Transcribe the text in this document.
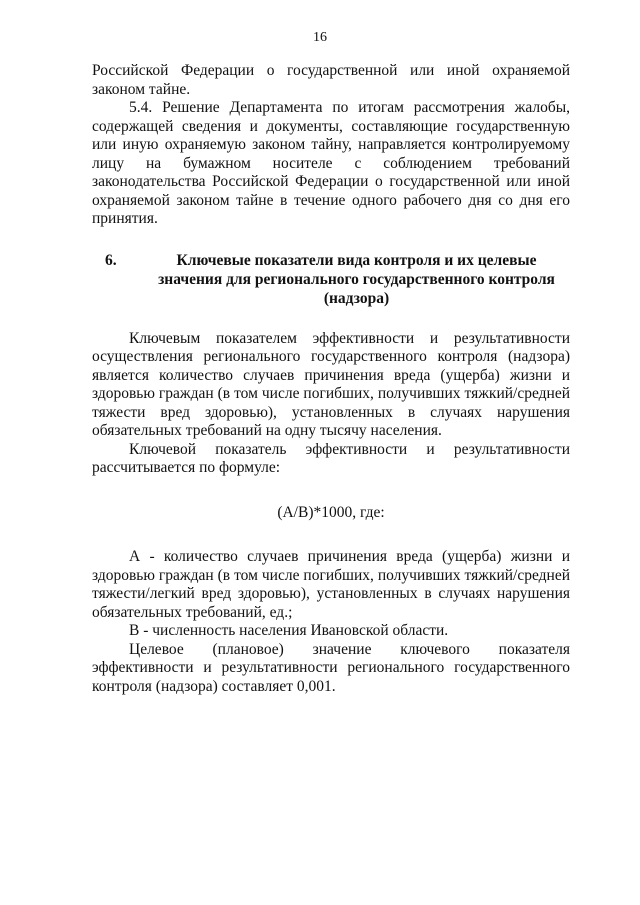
16

Российской Федерации о государственной или иной охраняемой законом тайне.

5.4. Решение Департамента по итогам рассмотрения жалобы, содержащей сведения и документы, составляющие государственную или иную охраняемую законом тайну, направляется контролируемому лицу на бумажном носителе с соблюдением требований законодательства Российской Федерации о государственной или иной охраняемой законом тайне в течение одного рабочего дня со дня его принятия.

6.	Ключевые показатели вида контроля и их целевые значения для регионального государственного контроля (надзора)

Ключевым показателем эффективности и результативности осуществления регионального государственного контроля (надзора) является количество случаев причинения вреда (ущерба) жизни и здоровью граждан (в том числе погибших, получивших тяжкий/средней тяжести вред здоровью), установленных в случаях нарушения обязательных требований на одну тысячу населения.

Ключевой показатель эффективности и результативности рассчитывается по формуле:

(А/В)*1000, где:

А - количество случаев причинения вреда (ущерба) жизни и здоровью граждан (в том числе погибших, получивших тяжкий/средней тяжести/легкий вред здоровью), установленных в случаях нарушения обязательных требований, ед.;

В - численность населения Ивановской области.

Целевое (плановое) значение ключевого показателя эффективности и результативности регионального государственного контроля (надзора) составляет 0,001.
